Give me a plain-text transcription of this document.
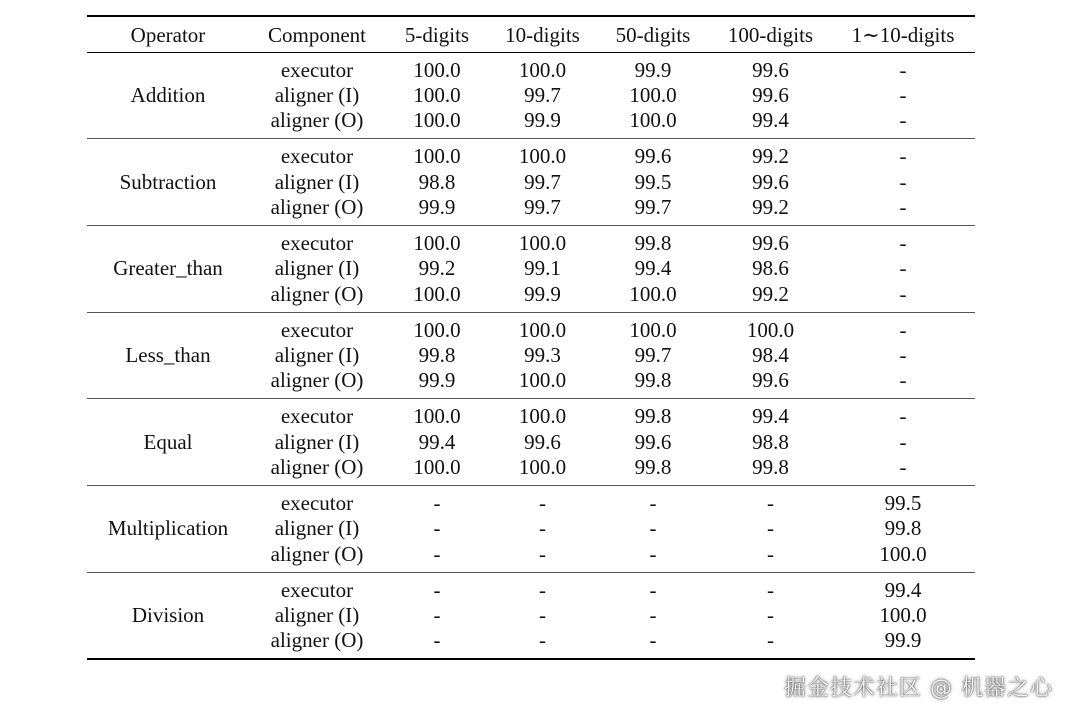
Operator	Component	5-digits	10-digits	50-digits	100-digits	1∼10-digits
Addition	executor	100.0	100.0	99.9	99.6	-
	aligner (I)	100.0	99.7	100.0	99.6	-
	aligner (O)	100.0	99.9	100.0	99.4	-
Subtraction	executor	100.0	100.0	99.6	99.2	-
	aligner (I)	98.8	99.7	99.5	99.6	-
	aligner (O)	99.9	99.7	99.7	99.2	-
Greater_than	executor	100.0	100.0	99.8	99.6	-
	aligner (I)	99.2	99.1	99.4	98.6	-
	aligner (O)	100.0	99.9	100.0	99.2	-
Less_than	executor	100.0	100.0	100.0	100.0	-
	aligner (I)	99.8	99.3	99.7	98.4	-
	aligner (O)	99.9	100.0	99.8	99.6	-
Equal	executor	100.0	100.0	99.8	99.4	-
	aligner (I)	99.4	99.6	99.6	98.8	-
	aligner (O)	100.0	100.0	99.8	99.8	-
Multiplication	executor	-	-	-	-	99.5
	aligner (I)	-	-	-	-	99.8
	aligner (O)	-	-	-	-	100.0
Division	executor	-	-	-	-	99.4
	aligner (I)	-	-	-	-	100.0
	aligner (O)	-	-	-	-	99.9
掘金技术社区 @ 机器之心
